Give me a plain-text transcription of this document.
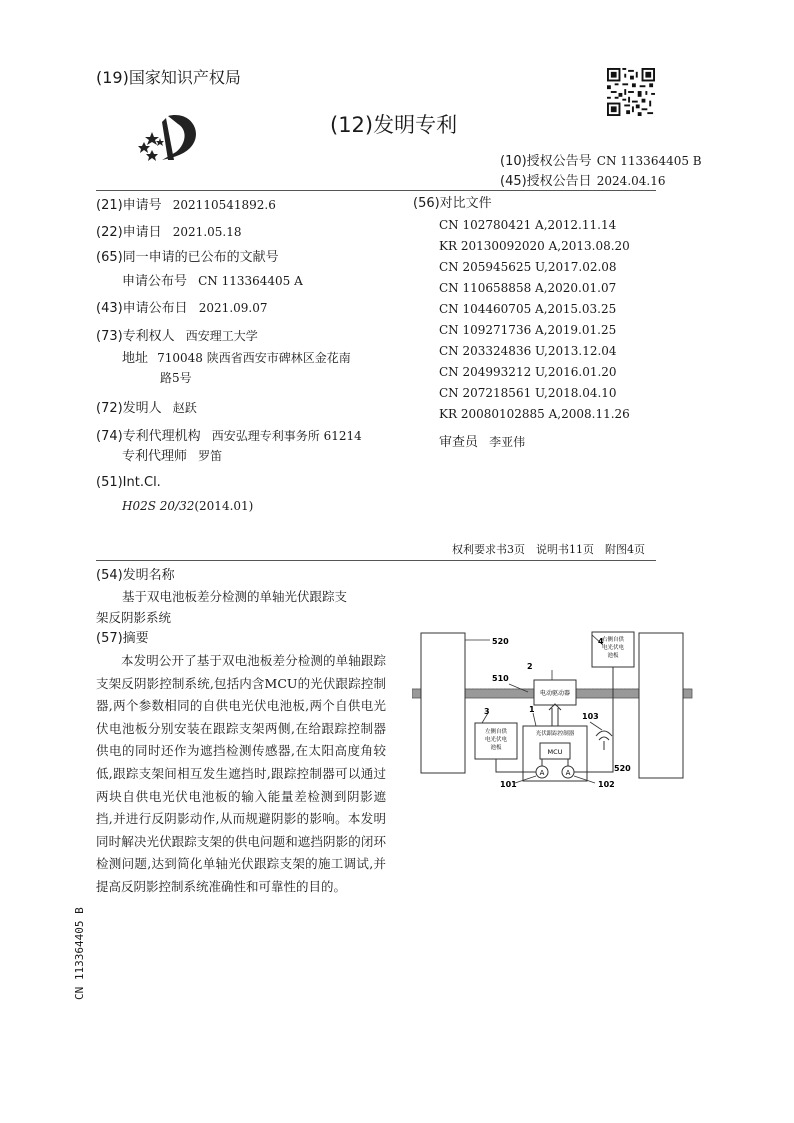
(19)国家知识产权局
(12)发明专利
(10)授权公告号 CN 113364405 B
(45)授权公告日 2024.04.16
(21)申请号 202110541892.6
(22)申请日 2021.05.18
(65)同一申请的已公布的文献号
申请公布号 CN 113364405 A
(43)申请公布日 2021.09.07
(73)专利权人 西安理工大学
地址 710048 陕西省西安市碑林区金花南
路5号
(72)发明人 赵跃
(74)专利代理机构 西安弘理专利事务所 61214
专利代理师 罗笛
(51)Int.Cl.
H02S 20/32(2014.01)
(56)对比文件
CN 102780421 A,2012.11.14
KR 20130092020 A,2013.08.20
CN 205945625 U,2017.02.08
CN 110658858 A,2020.01.07
CN 104460705 A,2015.03.25
CN 109271736 A,2019.01.25
CN 203324836 U,2013.12.04
CN 204993212 U,2016.01.20
CN 207218561 U,2018.04.10
KR 20080102885 A,2008.11.26
审查员 李亚伟
权利要求书3页　说明书11页　附图4页
(54)发明名称
基于双电池板差分检测的单轴光伏跟踪支
架反阴影系统
(57)摘要
本发明公开了基于双电池板差分检测的单轴跟踪支架反阴影控制系统,包括内含MCU的光伏跟踪控制器,两个参数相同的自供电光伏电池板,两个自供电光伏电池板分别安装在跟踪支架两侧,在给跟踪控制器供电的同时还作为遮挡检测传感器,在太阳高度角较低,跟踪支架间相互发生遮挡时,跟踪控制器可以通过两块自供电光伏电池板的输入能量差检测到阴影遮挡,并进行反阴影动作,从而规避阴影的影响。本发明同时解决光伏跟踪支架的供电问题和遮挡阴影的闭环检测问题,达到简化单轴光伏跟踪支架的施工调试,并提高反阴影控制系统准确性和可靠性的目的。
CN 113364405 B
电动驱动器
右侧自供
电光伏电
池板
左侧自供
电光伏电
池板
光伏跟踪控制器
MCU
A	A
520
510
4
2
3	1
103
101	102
520
